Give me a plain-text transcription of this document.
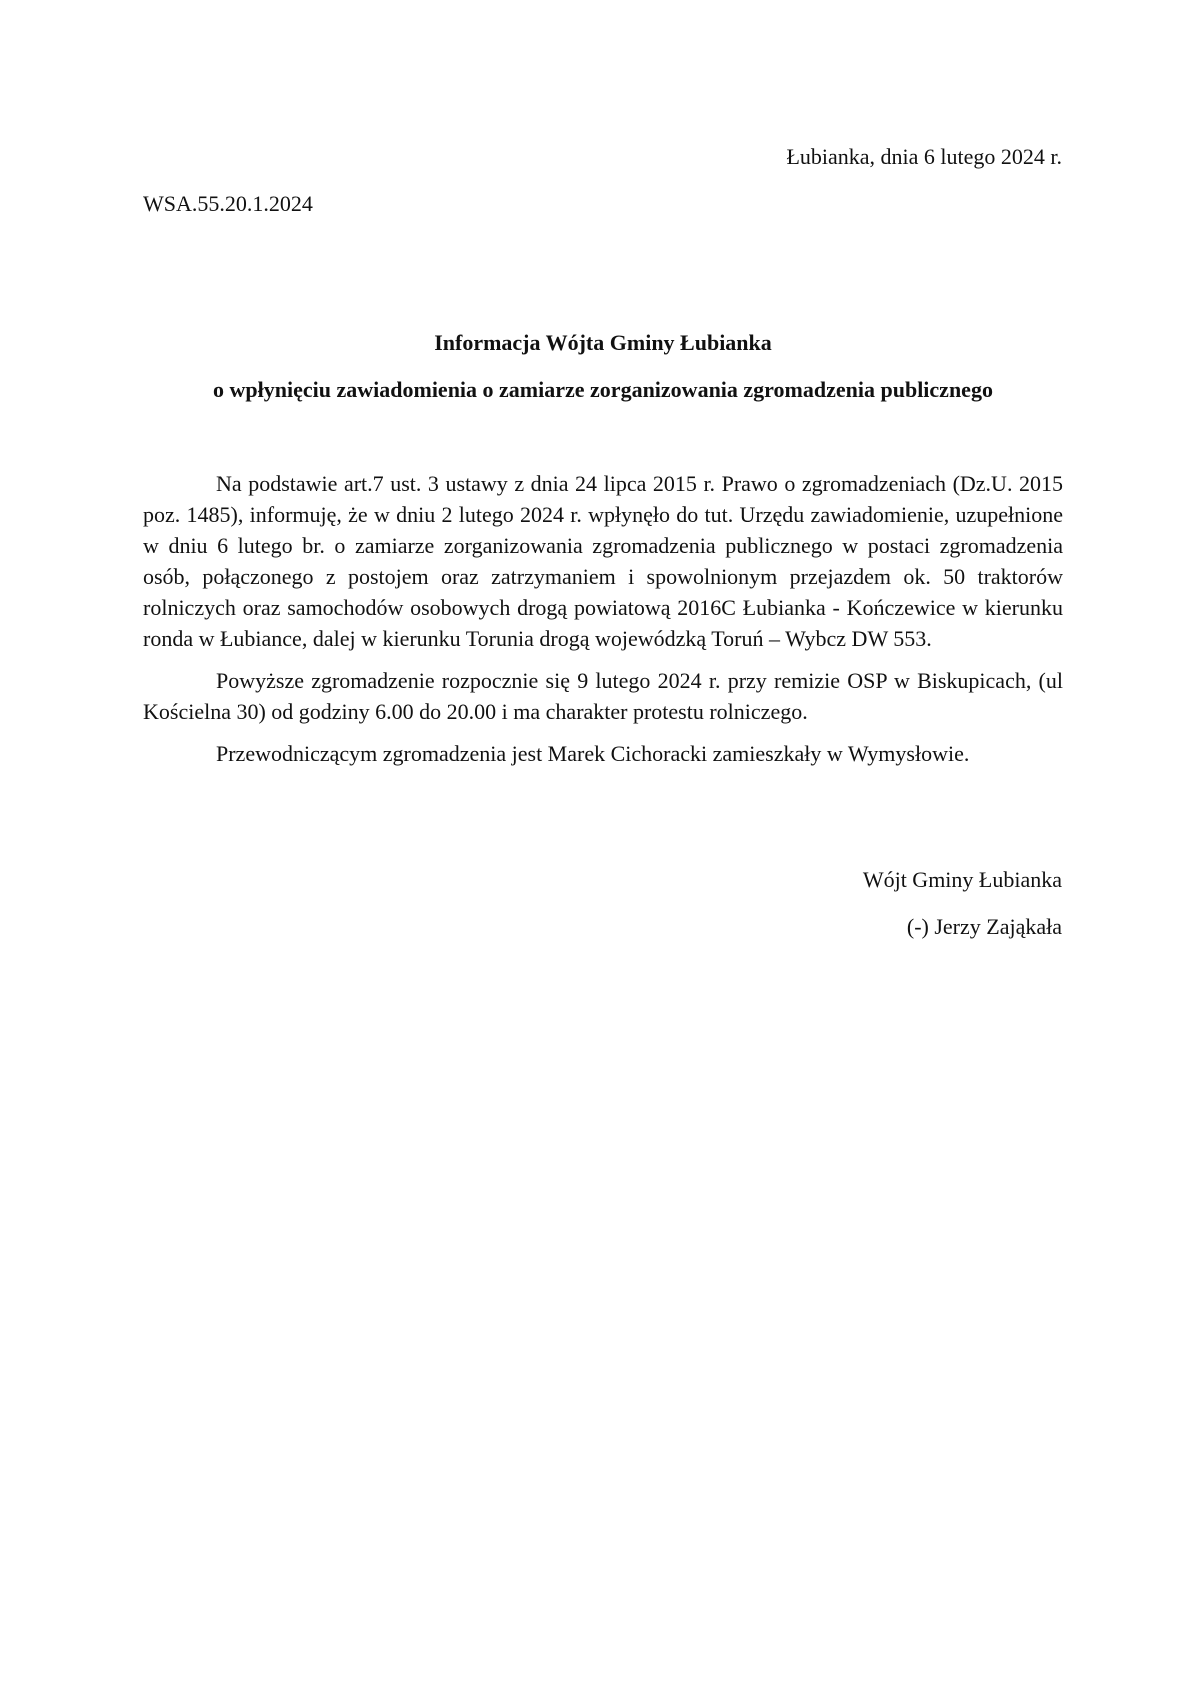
Łubianka, dnia 6 lutego 2024 r.
WSA.55.20.1.2024
Informacja Wójta Gminy Łubianka
o wpłynięciu zawiadomienia o zamiarze zorganizowania zgromadzenia publicznego

Na podstawie art.7 ust. 3 ustawy z dnia 24 lipca 2015 r. Prawo o zgromadzeniach (Dz.U. 2015 poz. 1485), informuję, że w dniu 2 lutego 2024 r. wpłynęło do tut. Urzędu zawiadomienie, uzupełnione w dniu 6 lutego br. o zamiarze zorganizowania zgromadzenia publicznego w postaci zgromadzenia osób, połączonego z postojem oraz zatrzymaniem i spowolnionym przejazdem ok. 50 traktorów rolniczych oraz samochodów osobowych drogą powiatową 2016C Łubianka - Kończewice w kierunku ronda w Łubiance, dalej w kierunku Torunia drogą wojewódzką Toruń – Wybcz DW 553.

Powyższe zgromadzenie rozpocznie się 9 lutego 2024 r. przy remizie OSP w Biskupicach, (ul Kościelna 30) od godziny 6.00 do 20.00 i ma charakter protestu rolniczego.

Przewodniczącym zgromadzenia jest Marek Cichoracki zamieszkały w Wymysłowie.

Wójt Gminy Łubianka
(-) Jerzy Zająkała
